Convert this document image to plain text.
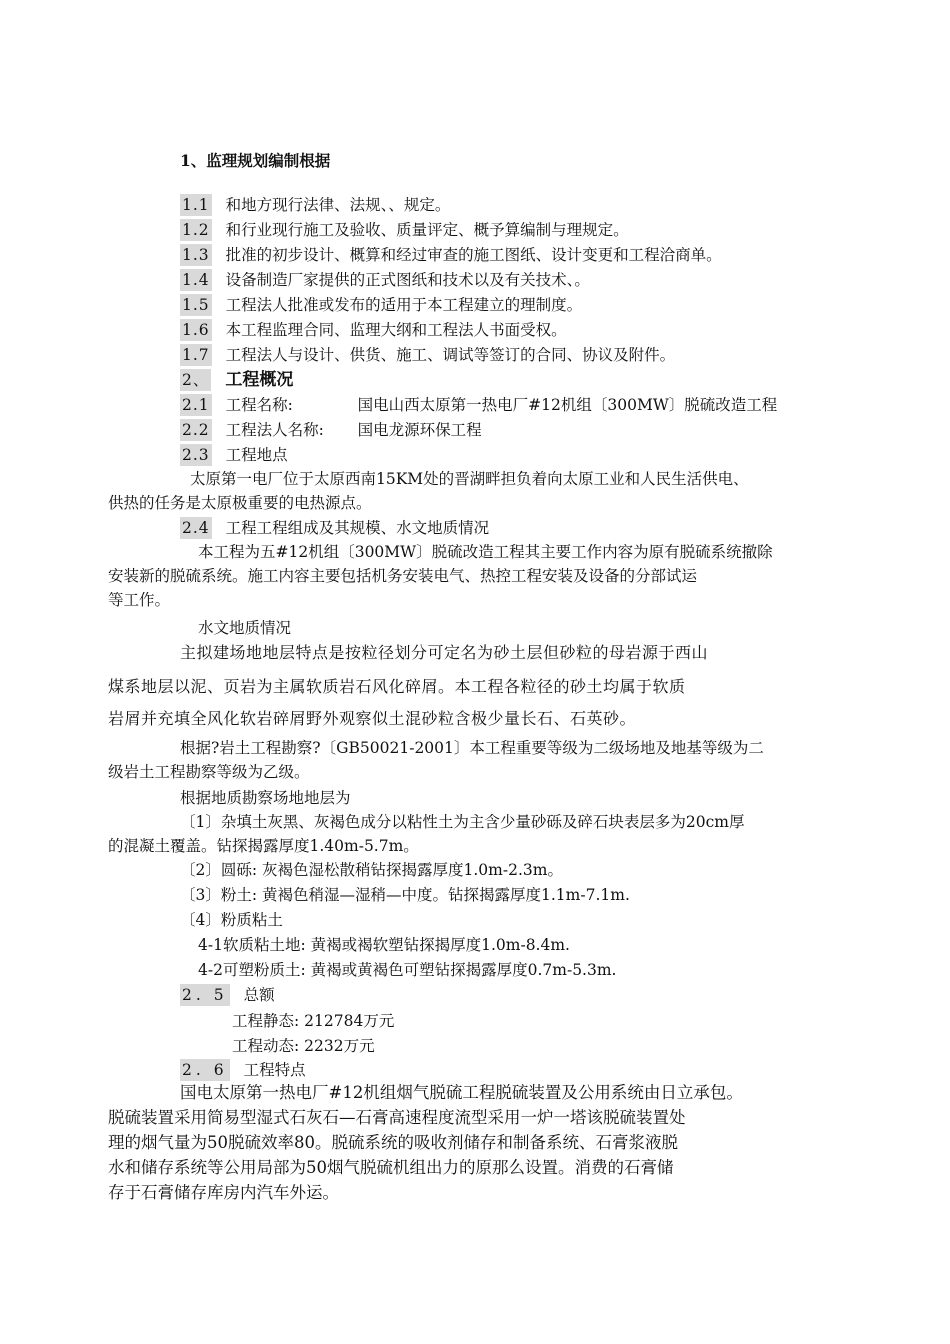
1、监理规划编制根据
1.1 和地方现行法律、法规、、规定。
1.2 和行业现行施工及验收、质量评定、概予算编制与理规定。
1.3 批准的初步设计、概算和经过审查的施工图纸、设计变更和工程洽商单。
1.4 设备制造厂家提供的正式图纸和技术以及有关技术、。
1.5 工程法人批准或发布的适用于本工程建立的理制度。
1.6 本工程监理合同、监理大纲和工程法人书面受权。
1.7 工程法人与设计、供货、施工、调试等签订的合同、协议及附件。
2、 工程概况
2.1 工程名称:	国电山西太原第一热电厂#12机组〔300MW〕脱硫改造工程
2.2 工程法人名称: 国电龙源环保工程
2.3 工程地点
太原第一电厂位于太原西南15KM处的晋湖畔担负着向太原工业和人民生活供电、
供热的任务是太原极重要的电热源点。
2.4 工程工程组成及其规模、水文地质情况
本工程为五#12机组〔300MW〕脱硫改造工程其主要工作内容为原有脱硫系统撤除
安装新的脱硫系统。施工内容主要包括机务安装电气、热控工程安装及设备的分部试运
等工作。
水文地质情况
主拟建场地地层特点是按粒径划分可定名为砂土层但砂粒的母岩源于西山
煤系地层以泥、页岩为主属软质岩石风化碎屑。本工程各粒径的砂土均属于软质
岩屑并充填全风化软岩碎屑野外观察似土混砂粒含极少量长石、石英砂。
根据?岩土工程勘察?〔GB50021-2001〕本工程重要等级为二级场地及地基等级为二
级岩土工程勘察等级为乙级。
根据地质勘察场地地层为
〔1〕杂填土灰黑、灰褐色成分以粘性土为主含少量砂砾及碎石块表层多为20cm厚
的混凝土覆盖。钻探揭露厚度1.40m-5.7m。
〔2〕圆砾: 灰褐色湿松散稍钻探揭露厚度1.0m-2.3m。
〔3〕粉土: 黄褐色稍湿—湿稍—中度。钻探揭露厚度1.1m-7.1m.
〔4〕粉质粘土
4-1软质粘土地: 黄褐或褐软塑钻探揭厚度1.0m-8.4m.
4-2可塑粉质土: 黄褐或黄褐色可塑钻探揭露厚度0.7m-5.3m.
2. 5 总额
工程静态: 212784万元
工程动态: 2232万元
2. 6 工程特点
国电太原第一热电厂#12机组烟气脱硫工程脱硫装置及公用系统由日立承包。
脱硫装置采用简易型湿式石灰石—石膏高速程度流型采用一炉一塔该脱硫装置处
理的烟气量为50脱硫效率80。脱硫系统的吸收剂储存和制备系统、石膏浆液脱
水和储存系统等公用局部为50烟气脱硫机组出力的原那么设置。消费的石膏储
存于石膏储存库房内汽车外运。
